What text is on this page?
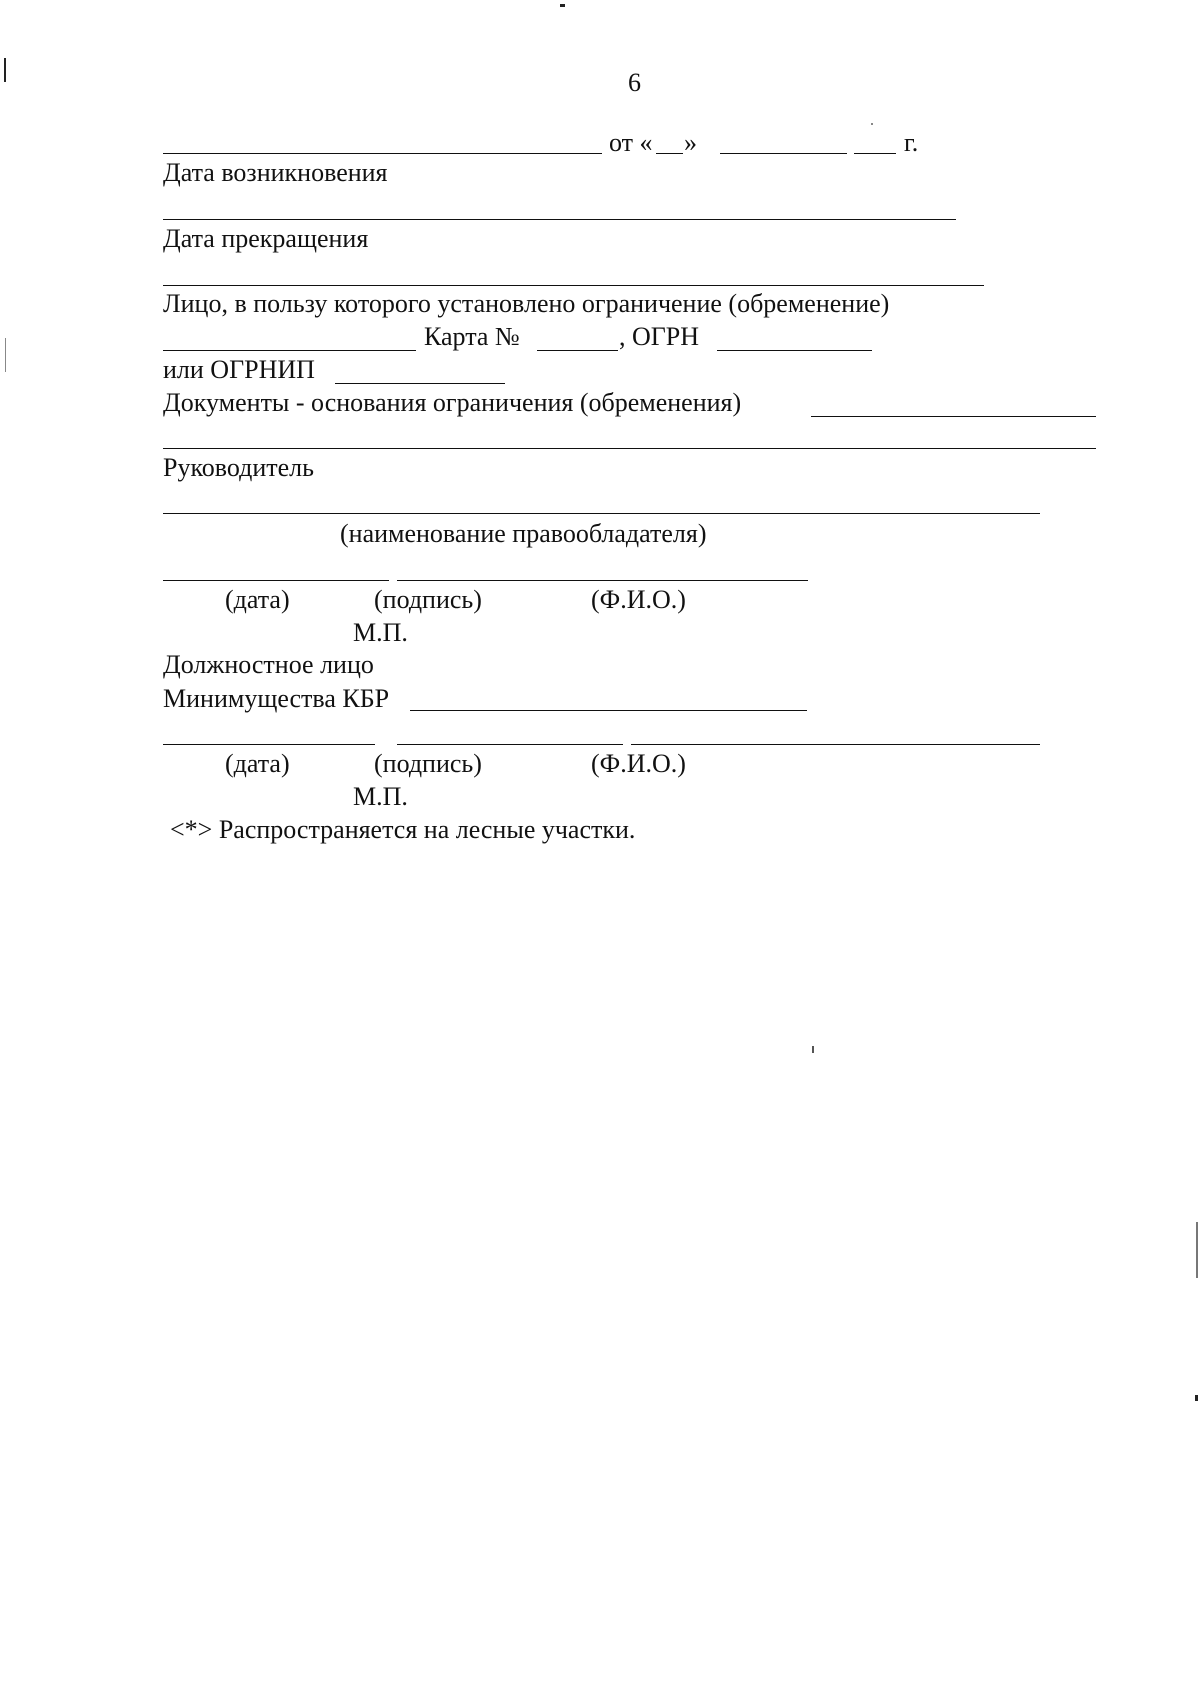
6
от « »	г.
Дата возникновения
Дата прекращения
Лицо, в пользу которого установлено ограничение (обременение)
Карта №	, ОГРН
или ОГРНИП
Документы - основания ограничения (обременения)
Руководитель
(наименование правообладателя)
(дата)	(подпись)	(Ф.И.О.)
М.П.
Должностное лицо
Минимущества КБР
(дата)	(подпись)	(Ф.И.О.)
М.П.
<*> Распространяется на лесные участки.
